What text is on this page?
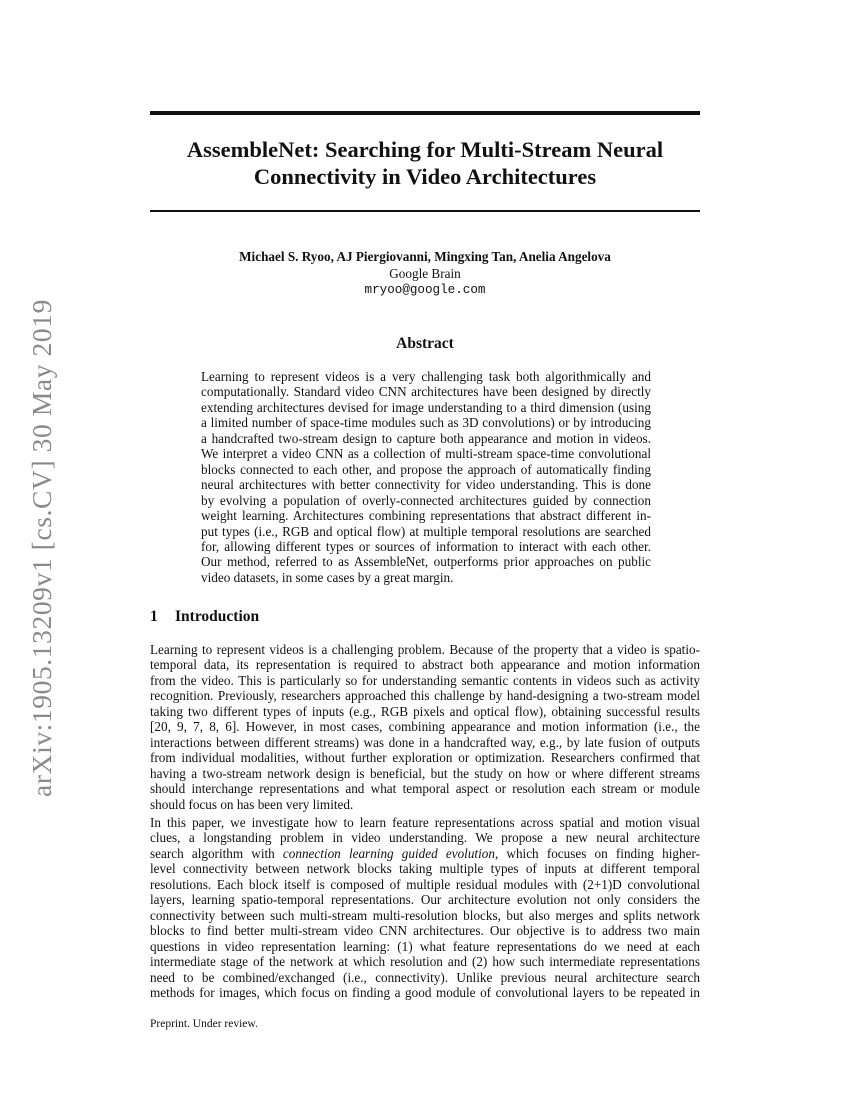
arXiv:1905.13209v1 [cs.CV] 30 May 2019
AssembleNet: Searching for Multi-Stream Neural
Connectivity in Video Architectures
Michael S. Ryoo, AJ Piergiovanni, Mingxing Tan, Anelia Angelova
Google Brain
mryoo@google.com
Abstract
Learning to represent videos is a very challenging task both algorithmically and
computationally. Standard video CNN architectures have been designed by directly
extending architectures devised for image understanding to a third dimension (using
a limited number of space-time modules such as 3D convolutions) or by introducing
a handcrafted two-stream design to capture both appearance and motion in videos.
We interpret a video CNN as a collection of multi-stream space-time convolutional
blocks connected to each other, and propose the approach of automatically finding
neural architectures with better connectivity for video understanding. This is done
by evolving a population of overly-connected architectures guided by connection
weight learning. Architectures combining representations that abstract different in-
put types (i.e., RGB and optical flow) at multiple temporal resolutions are searched
for, allowing different types or sources of information to interact with each other.
Our method, referred to as AssembleNet, outperforms prior approaches on public
video datasets, in some cases by a great margin.
1 Introduction
Learning to represent videos is a challenging problem. Because of the property that a video is spatio-
temporal data, its representation is required to abstract both appearance and motion information
from the video. This is particularly so for understanding semantic contents in videos such as activity
recognition. Previously, researchers approached this challenge by hand-designing a two-stream model
taking two different types of inputs (e.g., RGB pixels and optical flow), obtaining successful results
[20, 9, 7, 8, 6]. However, in most cases, combining appearance and motion information (i.e., the
interactions between different streams) was done in a handcrafted way, e.g., by late fusion of outputs
from individual modalities, without further exploration or optimization. Researchers confirmed that
having a two-stream network design is beneficial, but the study on how or where different streams
should interchange representations and what temporal aspect or resolution each stream or module
should focus on has been very limited.
In this paper, we investigate how to learn feature representations across spatial and motion visual
clues, a longstanding problem in video understanding. We propose a new neural architecture
search algorithm with connection learning guided evolution, which focuses on finding higher-
level connectivity between network blocks taking multiple types of inputs at different temporal
resolutions. Each block itself is composed of multiple residual modules with (2+1)D convolutional
layers, learning spatio-temporal representations. Our architecture evolution not only considers the
connectivity between such multi-stream multi-resolution blocks, but also merges and splits network
blocks to find better multi-stream video CNN architectures. Our objective is to address two main
questions in video representation learning: (1) what feature representations do we need at each
intermediate stage of the network at which resolution and (2) how such intermediate representations
need to be combined/exchanged (i.e., connectivity). Unlike previous neural architecture search
methods for images, which focus on finding a good module of convolutional layers to be repeated in
Preprint. Under review.
